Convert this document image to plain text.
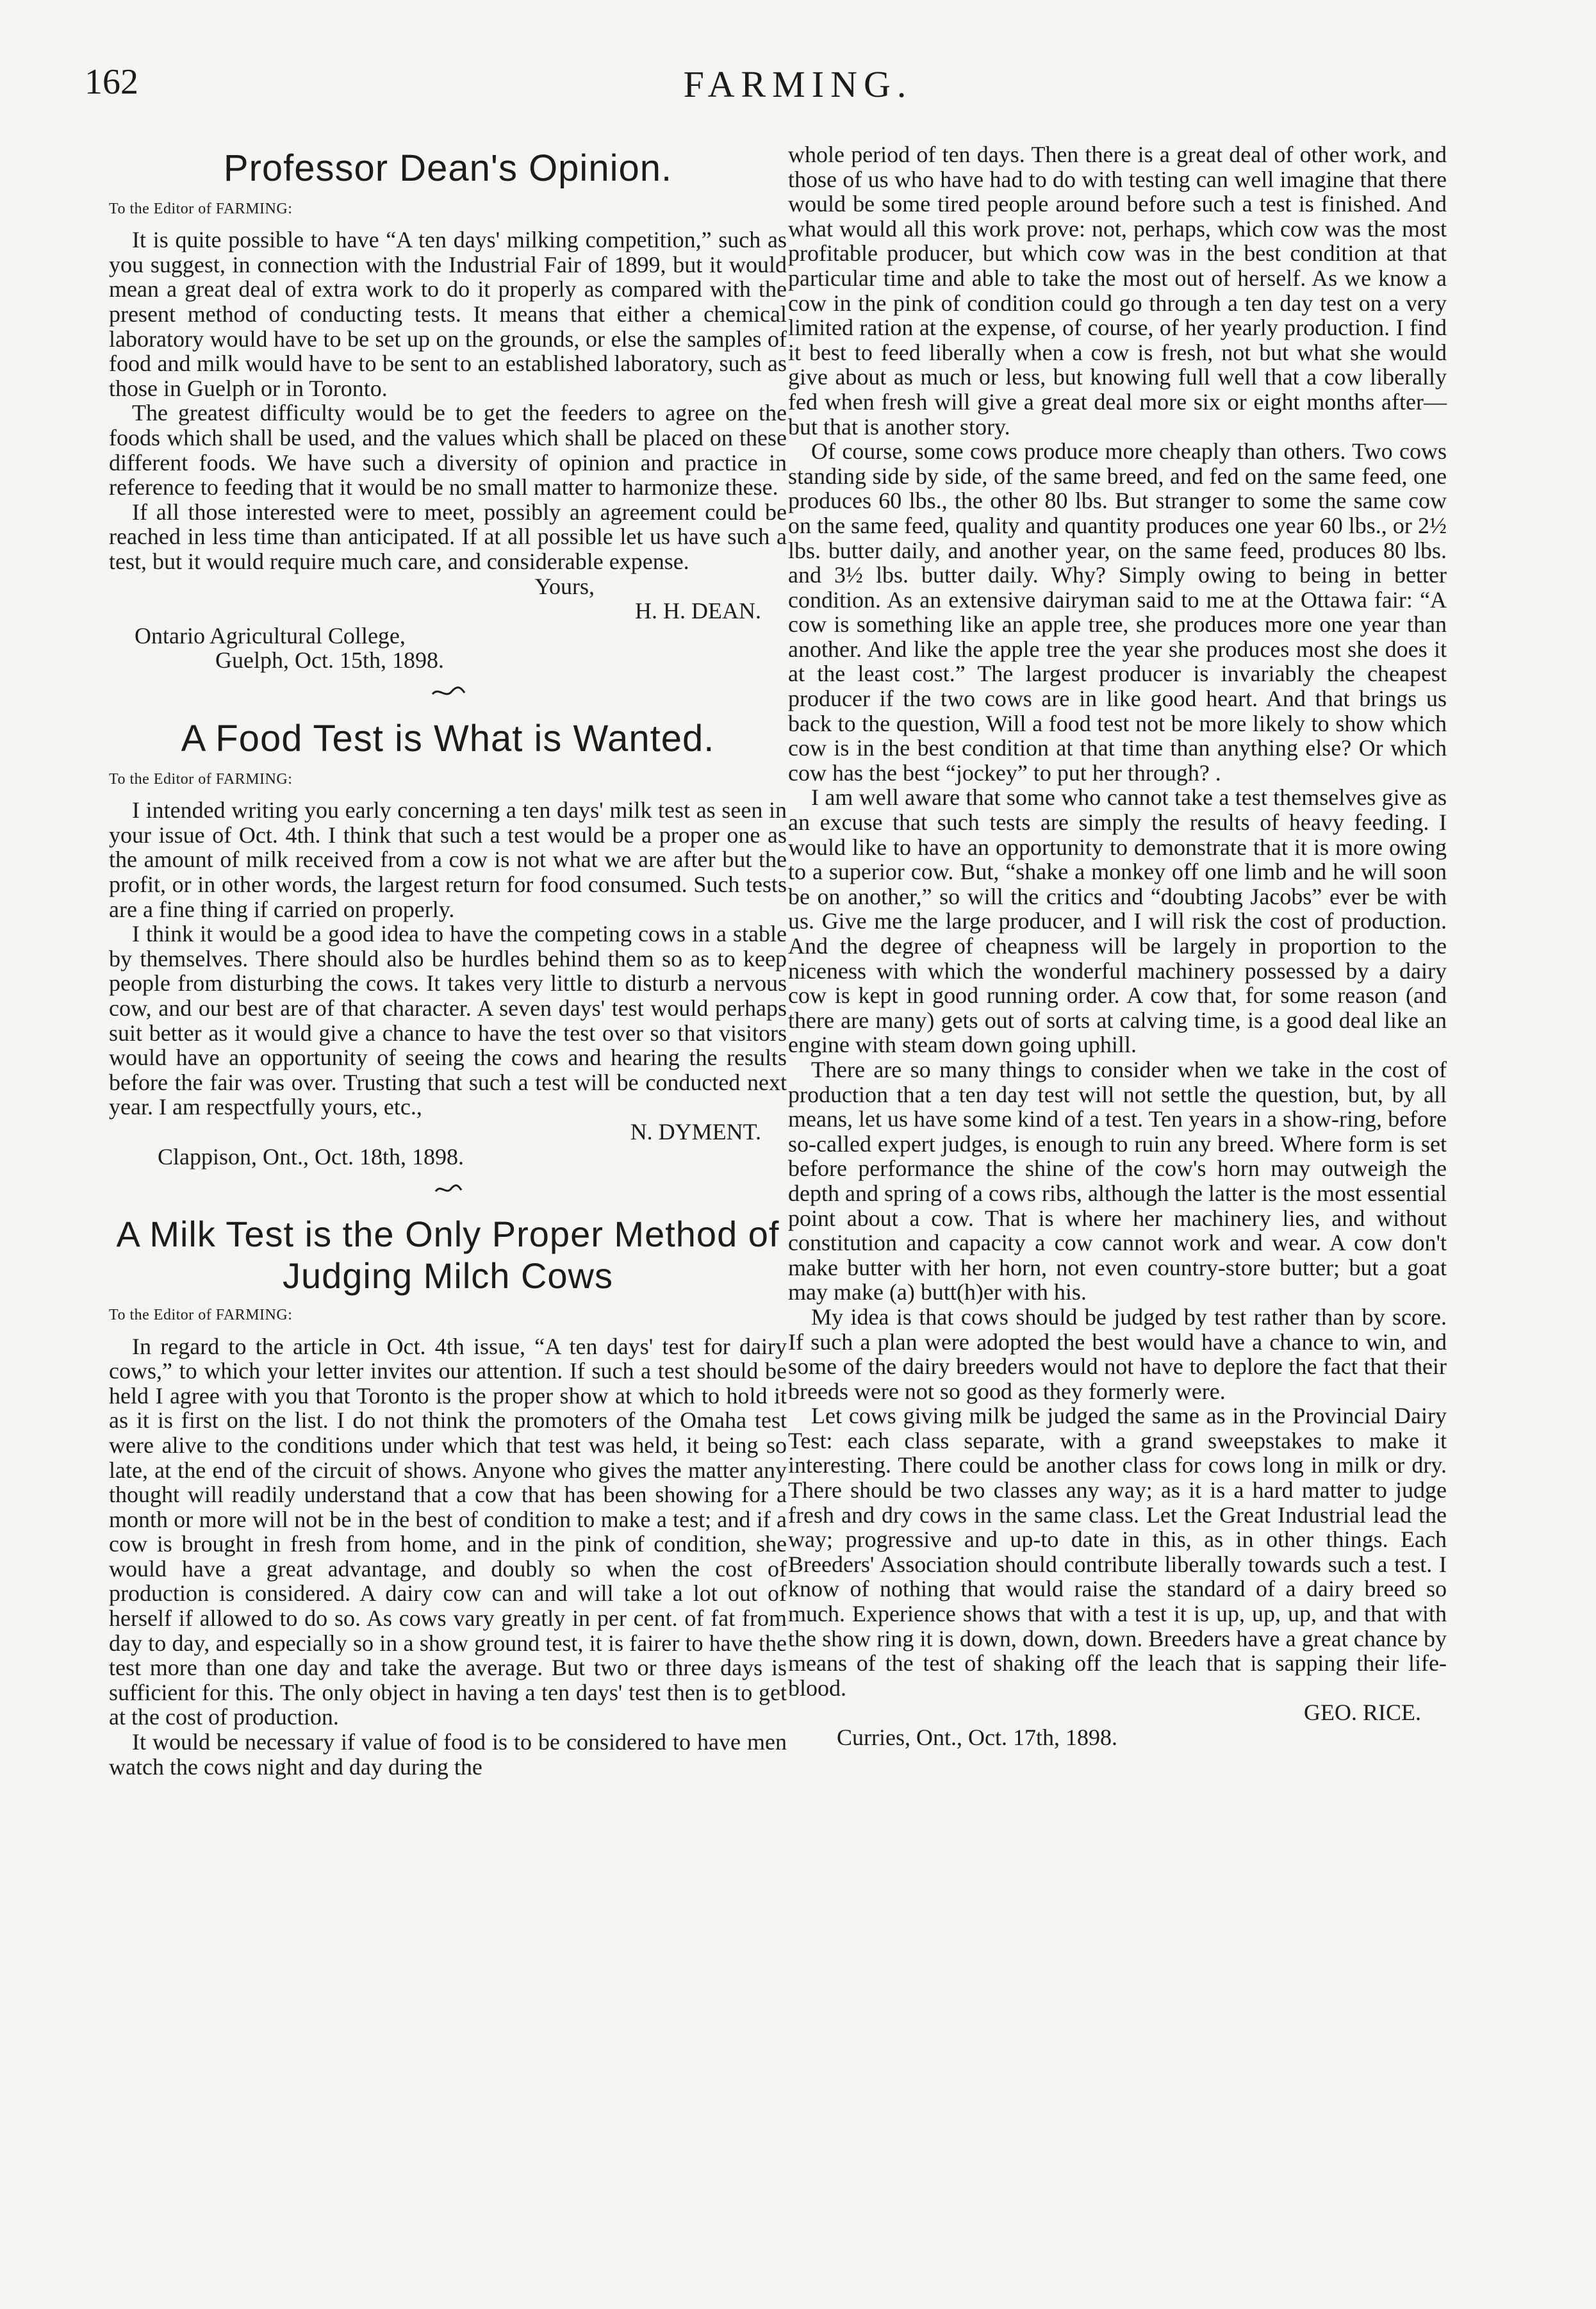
162	FARMING.
Professor Dean's Opinion.
To the Editor of FARMING:

It is quite possible to have “A ten days' milking competition,” such as you suggest, in connection with the Industrial Fair of 1899, but it would mean a great deal of extra work to do it properly as compared with the present method of conducting tests. It means that either a chemical laboratory would have to be set up on the grounds, or else the samples of food and milk would have to be sent to an established laboratory, such as those in Guelph or in Toronto.

The greatest difficulty would be to get the feeders to agree on the foods which shall be used, and the values which shall be placed on these different foods. We have such a diversity of opinion and practice in reference to feeding that it would be no small matter to harmonize these.

If all those interested were to meet, possibly an agreement could be reached in less time than anticipated. If at all possible let us have such a test, but it would require much care, and considerable expense.

Yours,

H. H. DEAN.

Ontario Agricultural College,

Guelph, Oct. 15th, 1898.

A Food Test is What is Wanted.
To the Editor of FARMING:

I intended writing you early concerning a ten days' milk test as seen in your issue of Oct. 4th. I think that such a test would be a proper one as the amount of milk received from a cow is not what we are after but the profit, or in other words, the largest return for food consumed. Such tests are a fine thing if carried on properly.

I think it would be a good idea to have the competing cows in a stable by themselves. There should also be hurdles behind them so as to keep people from disturbing the cows. It takes very little to disturb a nervous cow, and our best are of that character. A seven days' test would perhaps suit better as it would give a chance to have the test over so that visitors would have an opportunity of seeing the cows and hearing the results before the fair was over. Trusting that such a test will be conducted next year. I am respectfully yours, etc.,

N. DYMENT.

Clappison, Ont., Oct. 18th, 1898.

A Milk Test is the Only Proper Method of Judging Milch Cows
To the Editor of FARMING:

In regard to the article in Oct. 4th issue, “A ten days' test for dairy cows,” to which your letter invites our attention. If such a test should be held I agree with you that Toronto is the proper show at which to hold it as it is first on the list. I do not think the promoters of the Omaha test were alive to the conditions under which that test was held, it being so late, at the end of the circuit of shows. Anyone who gives the matter any thought will readily understand that a cow that has been showing for a month or more will not be in the best of condition to make a test; and if a cow is brought in fresh from home, and in the pink of condition, she would have a great advantage, and doubly so when the cost of production is considered. A dairy cow can and will take a lot out of herself if allowed to do so. As cows vary greatly in per cent. of fat from day to day, and especially so in a show ground test, it is fairer to have the test more than one day and take the average. But two or three days is sufficient for this. The only object in having a ten days' test then is to get at the cost of production.

It would be necessary if value of food is to be considered to have men watch the cows night and day during the

whole period of ten days. Then there is a great deal of other work, and those of us who have had to do with testing can well imagine that there would be some tired people around before such a test is finished. And what would all this work prove: not, perhaps, which cow was the most profitable producer, but which cow was in the best condition at that particular time and able to take the most out of herself. As we know a cow in the pink of condition could go through a ten day test on a very limited ration at the expense, of course, of her yearly production. I find it best to feed liberally when a cow is fresh, not but what she would give about as much or less, but knowing full well that a cow liberally fed when fresh will give a great deal more six or eight months after—but that is another story.

Of course, some cows produce more cheaply than others. Two cows standing side by side, of the same breed, and fed on the same feed, one produces 60 lbs., the other 80 lbs. But stranger to some the same cow on the same feed, quality and quantity produces one year 60 lbs., or 2½ lbs. butter daily, and another year, on the same feed, produces 80 lbs. and 3½ lbs. butter daily. Why? Simply owing to being in better condition. As an extensive dairyman said to me at the Ottawa fair: “A cow is something like an apple tree, she produces more one year than another. And like the apple tree the year she produces most she does it at the least cost.” The largest producer is invariably the cheapest producer if the two cows are in like good heart. And that brings us back to the question, Will a food test not be more likely to show which cow is in the best condition at that time than anything else? Or which cow has the best “jockey” to put her through? .

I am well aware that some who cannot take a test themselves give as an excuse that such tests are simply the results of heavy feeding. I would like to have an opportunity to demonstrate that it is more owing to a superior cow. But, “shake a monkey off one limb and he will soon be on another,” so will the critics and “doubting Jacobs” ever be with us. Give me the large producer, and I will risk the cost of production. And the degree of cheapness will be largely in proportion to the niceness with which the wonderful machinery possessed by a dairy cow is kept in good running order. A cow that, for some reason (and there are many) gets out of sorts at calving time, is a good deal like an engine with steam down going uphill.

There are so many things to consider when we take in the cost of production that a ten day test will not settle the question, but, by all means, let us have some kind of a test. Ten years in a show-ring, before so-called expert judges, is enough to ruin any breed. Where form is set before performance the shine of the cow's horn may outweigh the depth and spring of a cows ribs, although the latter is the most essential point about a cow. That is where her machinery lies, and without constitution and capacity a cow cannot work and wear. A cow don't make butter with her horn, not even country-store butter; but a goat may make (a) butt(h)er with his.

My idea is that cows should be judged by test rather than by score. If such a plan were adopted the best would have a chance to win, and some of the dairy breeders would not have to deplore the fact that their breeds were not so good as they formerly were.

Let cows giving milk be judged the same as in the Provincial Dairy Test: each class separate, with a grand sweepstakes to make it interesting. There could be another class for cows long in milk or dry. There should be two classes any way; as it is a hard matter to judge fresh and dry cows in the same class. Let the Great Industrial lead the way; progressive and up-to date in this, as in other things. Each Breeders' Association should contribute liberally towards such a test. I know of nothing that would raise the standard of a dairy breed so much. Experience shows that with a test it is up, up, up, and that with the show ring it is down, down, down. Breeders have a great chance by means of the test of shaking off the leach that is sapping their life-blood.

GEO. RICE.

Curries, Ont., Oct. 17th, 1898.
